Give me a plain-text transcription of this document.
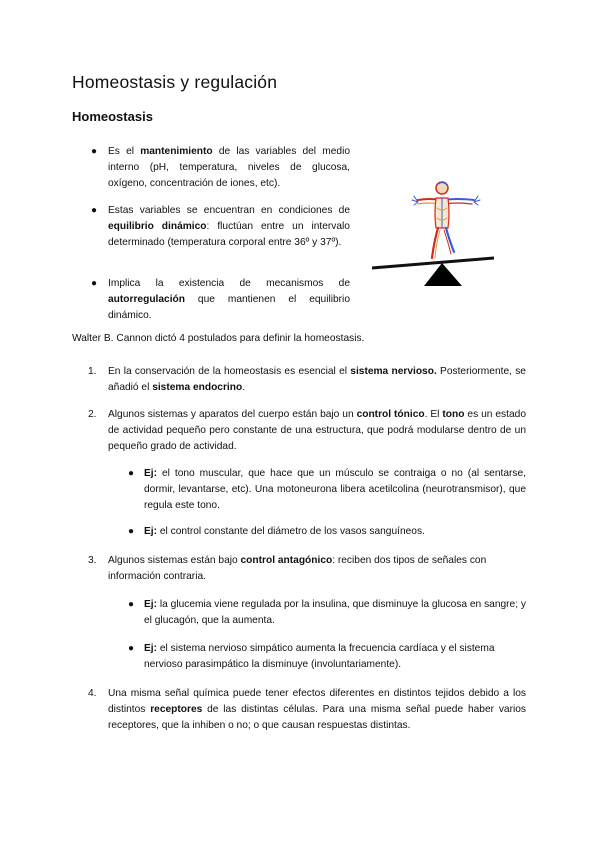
Homeostasis y regulación
Homeostasis
●	Es el mantenimiento de las variables del medio interno (pH, temperatura, niveles de glucosa, oxígeno, concentración de iones, etc).
●	Estas variables se encuentran en condiciones de equilibrio dinámico: fluctúan entre un intervalo determinado (temperatura corporal entre 36º y 37º).
●	Implica la existencia de mecanismos de autorregulación que mantienen el equilibrio dinámico.
Walter B. Cannon dictó 4 postulados para definir la homeostasis.
1.	En la conservación de la homeostasis es esencial el sistema nervioso. Posteriormente, se añadió el sistema endocrino.
2.	Algunos sistemas y aparatos del cuerpo están bajo un control tónico. El tono es un estado de actividad pequeño pero constante de una estructura, que podrá modularse dentro de un pequeño grado de actividad.
● Ej: el tono muscular, que hace que un músculo se contraiga o no (al sentarse, dormir, levantarse, etc). Una motoneurona libera acetilcolina (neurotransmisor), que regula este tono.
● Ej: el control constante del diámetro de los vasos sanguíneos.
3.	Algunos sistemas están bajo control antagónico: reciben dos tipos de señales con información contraria.
● Ej: la glucemia viene regulada por la insulina, que disminuye la glucosa en sangre; y el glucagón, que la aumenta.
● Ej: el sistema nervioso simpático aumenta la frecuencia cardíaca y el sistema nervioso parasimpático la disminuye (involuntariamente).
4.	Una misma señal química puede tener efectos diferentes en distintos tejidos debido a los distintos receptores de las distintas células. Para una misma señal puede haber varios receptores, que la inhiben o no; o que causan respuestas distintas.
